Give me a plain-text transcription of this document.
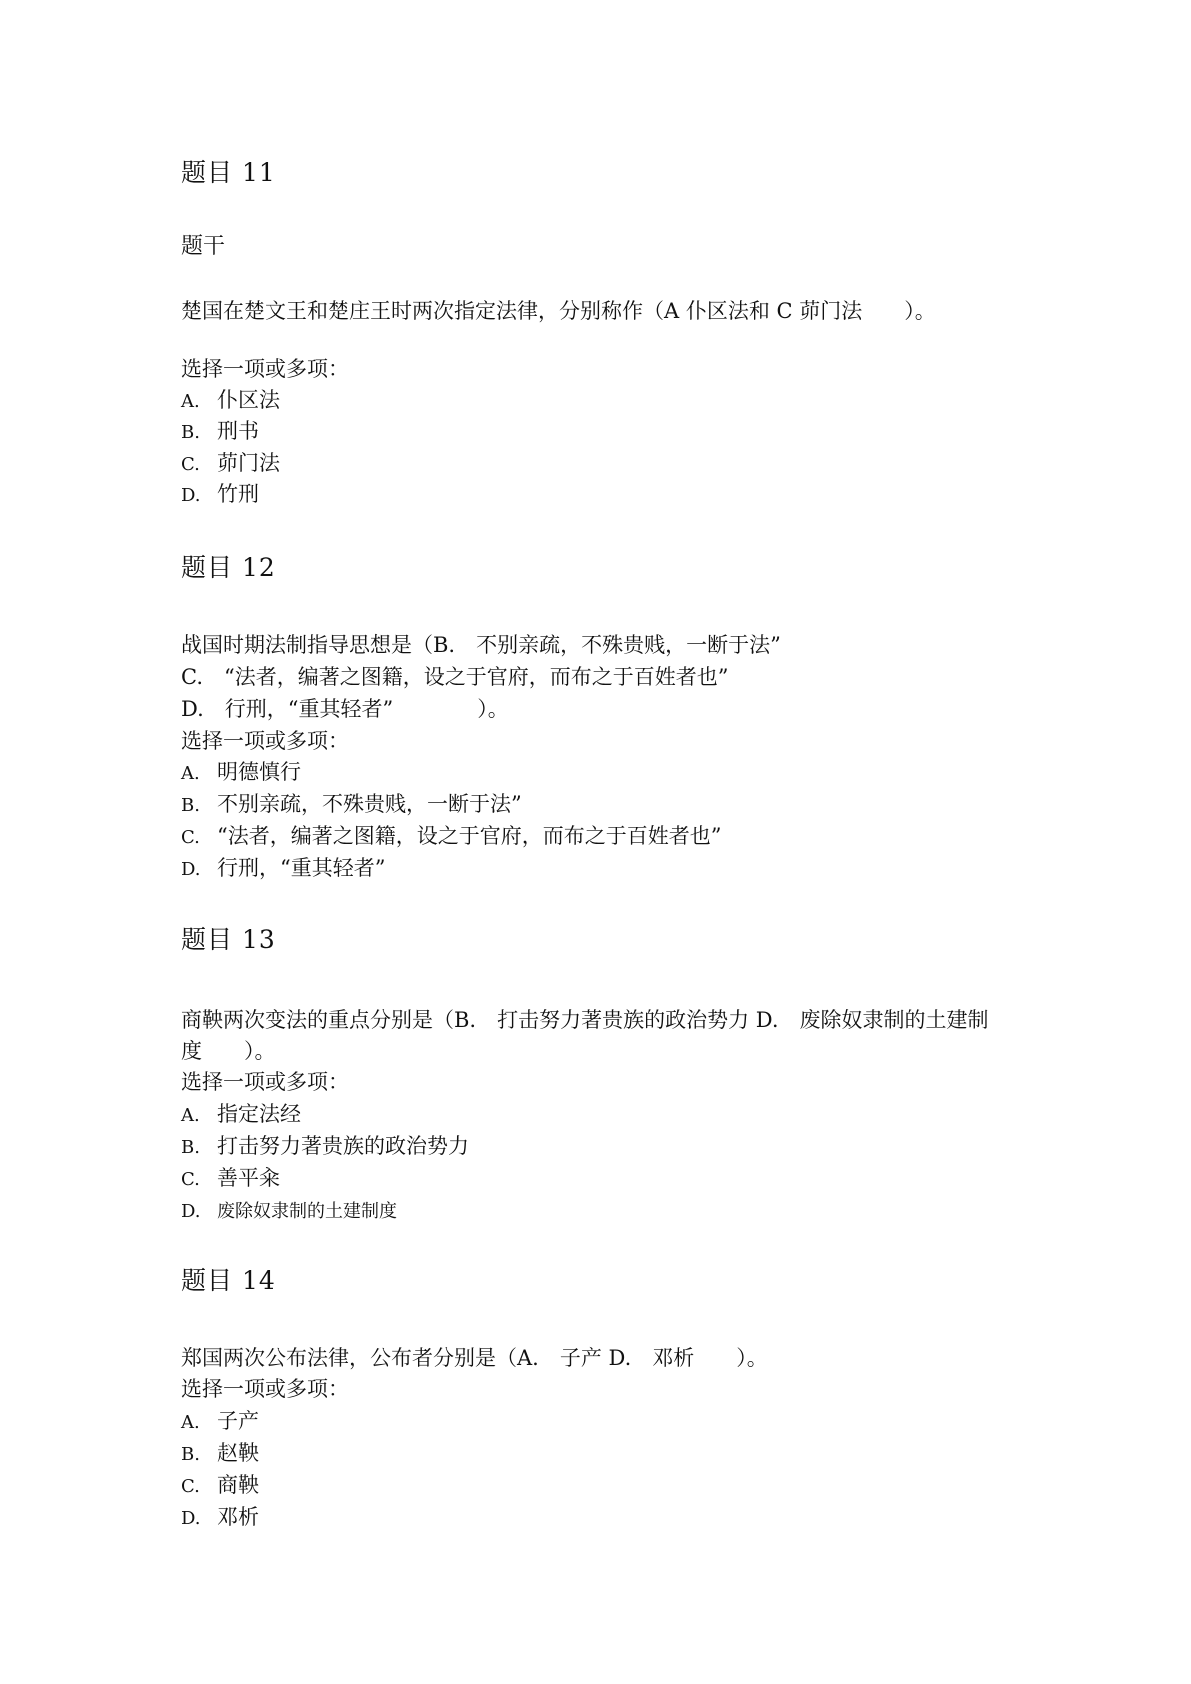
题目 11
题干
楚国在楚文王和楚庄王时两次指定法律，分别称作（A 仆区法和 C 茆门法　　）。
选择一项或多项：
A. 仆区法
B. 刑书
C. 茆门法
D. 竹刑
题目 12
战国时期法制指导思想是（B.　不别亲疏，不殊贵贱，一断于法”
C.　“法者，编著之图籍，设之于官府，而布之于百姓者也”
D.　行刑，“重其轻者”　　　　）。
选择一项或多项：
A. 明德慎行
B. 不别亲疏，不殊贵贱，一断于法”
C. “法者，编著之图籍，设之于官府，而布之于百姓者也”
D. 行刑，“重其轻者”
题目 13
商鞅两次变法的重点分别是（B.　打击努力著贵族的政治势力 D.　废除奴隶制的土建制
度　　）。
选择一项或多项：
A. 指定法经
B. 打击努力著贵族的政治势力
C. 善平籴
D. 废除奴隶制的土建制度
题目 14
郑国两次公布法律，公布者分别是（A.　子产 D.　邓析　　）。
选择一项或多项：
A. 子产
B. 赵鞅
C. 商鞅
D. 邓析
